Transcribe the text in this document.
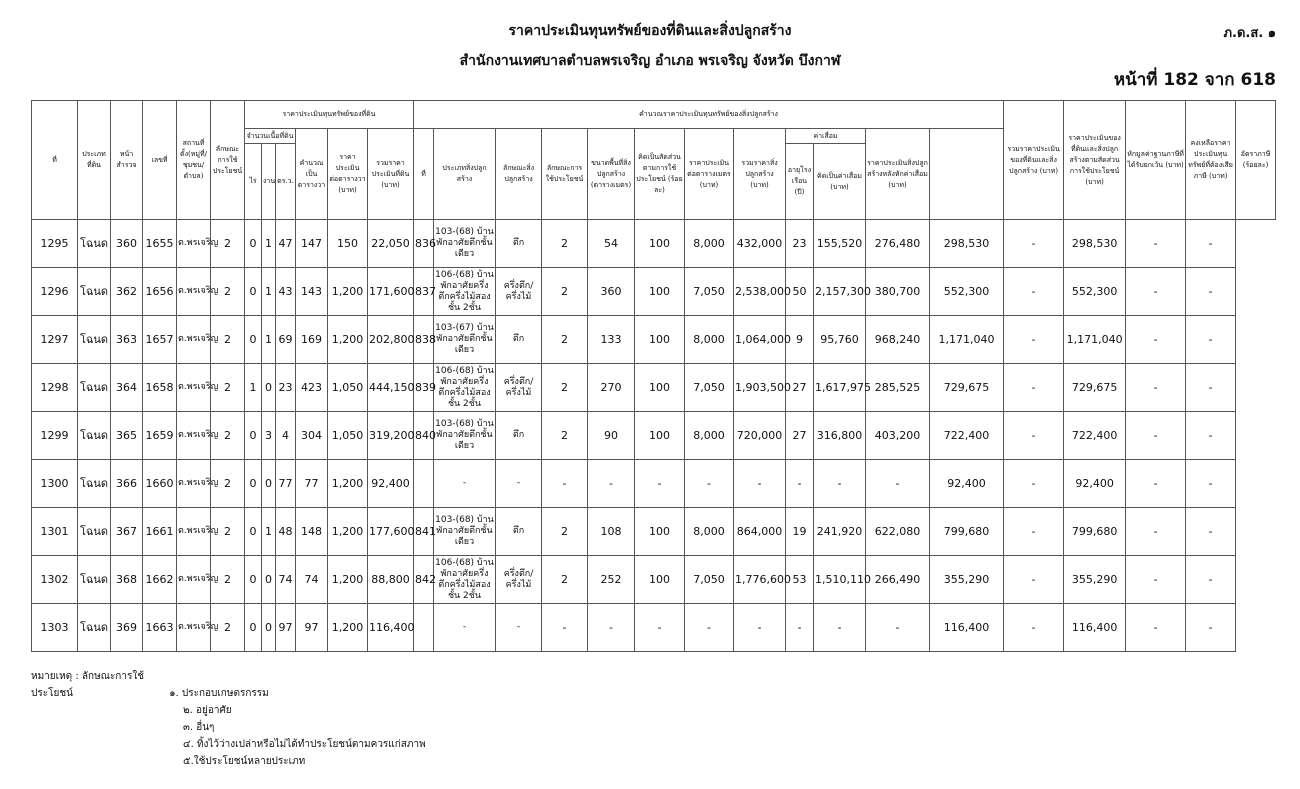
ราคาประเมินทุนทรัพย์ของที่ดินและสิ่งปลูกสร้าง
สำนักงานเทศบาลตำบลพรเจริญ อำเภอ พรเจริญ จังหวัด บึงกาฬ
ภ.ด.ส. ๑
หน้าที่ 182 จาก 618
ที่	ประเภทที่ดิน	หน้าสำรวจ	เลขที่	สถานที่ตั้ง(หมู่ที่/ชุมชน/ตำบล)	ลักษณะการใช้ประโยชน์	ราคาประเมินทุนทรัพย์ของที่ดิน						คำนวณราคาประเมินทุนทรัพย์ของสิ่งปลูกสร้าง												รวมราคาประเมินของที่ดินและสิ่งปลูกสร้าง (บาท)	ราคาประเมินของที่ดินและสิ่งปลูกสร้างตามสัดส่วนการใช้ประโยชน์ (บาท)	หักมูลค่าฐานภาษีที่ได้รับยกเว้น (บาท)	คงเหลือราคาประเมินทุนทรัพย์ที่ต้องเสียภาษี (บาท)	อัตราภาษี (ร้อยละ)
						จำนวนเนื้อที่ดิน			คำนวณเป็นตารางวา	ราคาประเมินต่อตารางวา (บาท)	รวมราคาประเมินที่ดิน (บาท)	ที่	ประเภทสิ่งปลูกสร้าง	ลักษณะสิ่งปลูกสร้าง	ลักษณะการใช้ประโยชน์	ขนาดพื้นที่สิ่งปลูกสร้าง (ตารางเมตร)	คิดเป็นสัดส่วนตามการใช้ประโยชน์ (ร้อยละ)	ราคาประเมินต่อตารางเมตร (บาท)	รวมราคาสิ่งปลูกสร้าง (บาท)	ค่าเสื่อม		ราคาประเมินสิ่งปลูกสร้างหลังหักค่าเสื่อม (บาท)						
						ไร่	งาน	ตร.ว.												อายุโรงเรือน (ปี)	คิดเป็นค่าเสื่อม (บาท)							
1295	โฉนด	360	1655	ต.พรเจริญ	2	0	1	47	147	150	22,050	836	103-(68) บ้านพักอาศัยตึกชั้นเดียว	ตึก	2	54	100	8,000	432,000	23	155,520	276,480	298,530	-	298,530	-	-	
1296	โฉนด	362	1656	ต.พรเจริญ	2	0	1	43	143	1,200	171,600	837	106-(68) บ้านพักอาศัยครึ่งตึกครึ่งไม้สองชั้น 2ชั้น	ครึ่งตึก/ครึ่งไม้	2	360	100	7,050	2,538,000	50	2,157,300	380,700	552,300	-	552,300	-	-	
1297	โฉนด	363	1657	ต.พรเจริญ	2	0	1	69	169	1,200	202,800	838	103-(67) บ้านพักอาศัยตึกชั้นเดียว	ตึก	2	133	100	8,000	1,064,000	9	95,760	968,240	1,171,040	-	1,171,040	-	-	
1298	โฉนด	364	1658	ต.พรเจริญ	2	1	0	23	423	1,050	444,150	839	106-(68) บ้านพักอาศัยครึ่งตึกครึ่งไม้สองชั้น 2ชั้น	ครึ่งตึก/ครึ่งไม้	2	270	100	7,050	1,903,500	27	1,617,975	285,525	729,675	-	729,675	-	-	
1299	โฉนด	365	1659	ต.พรเจริญ	2	0	3	4	304	1,050	319,200	840	103-(68) บ้านพักอาศัยตึกชั้นเดียว	ตึก	2	90	100	8,000	720,000	27	316,800	403,200	722,400	-	722,400	-	-	
1300	โฉนด	366	1660	ต.พรเจริญ	2	0	0	77	77	1,200	92,400		-	-	-	-	-	-	-	-	-	-	92,400	-	92,400	-	-	
1301	โฉนด	367	1661	ต.พรเจริญ	2	0	1	48	148	1,200	177,600	841	103-(68) บ้านพักอาศัยตึกชั้นเดียว	ตึก	2	108	100	8,000	864,000	19	241,920	622,080	799,680	-	799,680	-	-	
1302	โฉนด	368	1662	ต.พรเจริญ	2	0	0	74	74	1,200	88,800	842	106-(68) บ้านพักอาศัยครึ่งตึกครึ่งไม้สองชั้น 2ชั้น	ครึ่งตึก/ครึ่งไม้	2	252	100	7,050	1,776,600	53	1,510,110	266,490	355,290	-	355,290	-	-	
1303	โฉนด	369	1663	ต.พรเจริญ	2	0	0	97	97	1,200	116,400		-	-	-	-	-	-	-	-	-	-	116,400	-	116,400	-	-	
หมายเหตุ : ลักษณะการใช้ประโยชน์	๑. ประกอบเกษตรกรรม
๒. อยู่อาศัย
๓. อื่นๆ
๔. ทิ้งไว้ว่างเปล่าหรือไม่ได้ทำประโยชน์ตามควรแก่สภาพ
๕.ใช้ประโยชน์หลายประเภท
